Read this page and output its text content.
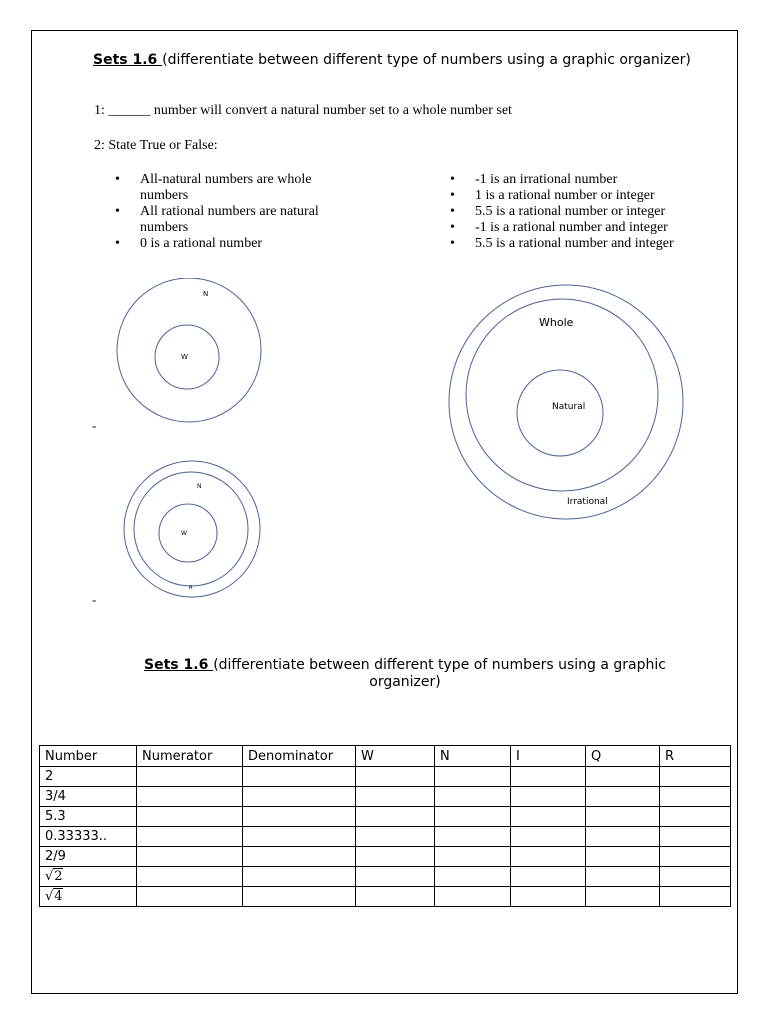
Sets 1.6 (differentiate between different type of numbers using a graphic organizer)
1: ______ number will convert a natural number set to a whole number set
2: State True or False:
• All-natural numbers are whole numbers
• All rational numbers are natural numbers
• 0 is a rational number
• -1 is an irrational number
• 1 is a rational number or integer
• 5.5 is a rational number or integer
• -1 is a rational number and integer
• 5.5 is a rational number and integer
N
W
-
N
W
R
-
Whole
Natural
Irrational
Sets 1.6 (differentiate between different type of numbers using a graphic organizer)
Number	Numerator	Denominator	W	N	I	Q	R
2							
3/4							
5.3							
0.33333..							
2/9							
√2							
√4							
